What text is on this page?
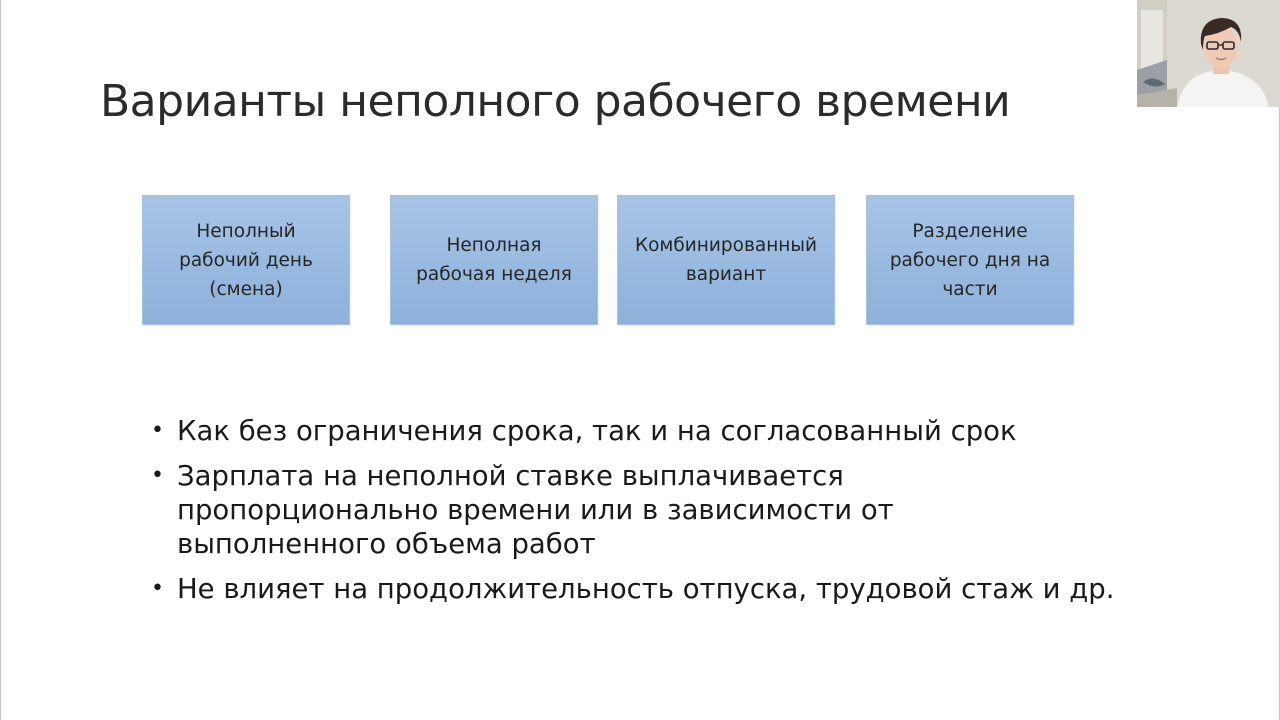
Варианты неполного рабочего времени
Неполный
рабочий день
(смена)
Неполная
рабочая неделя
Комбинированный
вариант
Разделение
рабочего дня на
части
• Как без ограничения срока, так и на согласованный срок
• Зарплата на неполной ставке выплачивается пропорционально времени или в зависимости от выполненного объема работ
• Не влияет на продолжительность отпуска, трудовой стаж и др.
